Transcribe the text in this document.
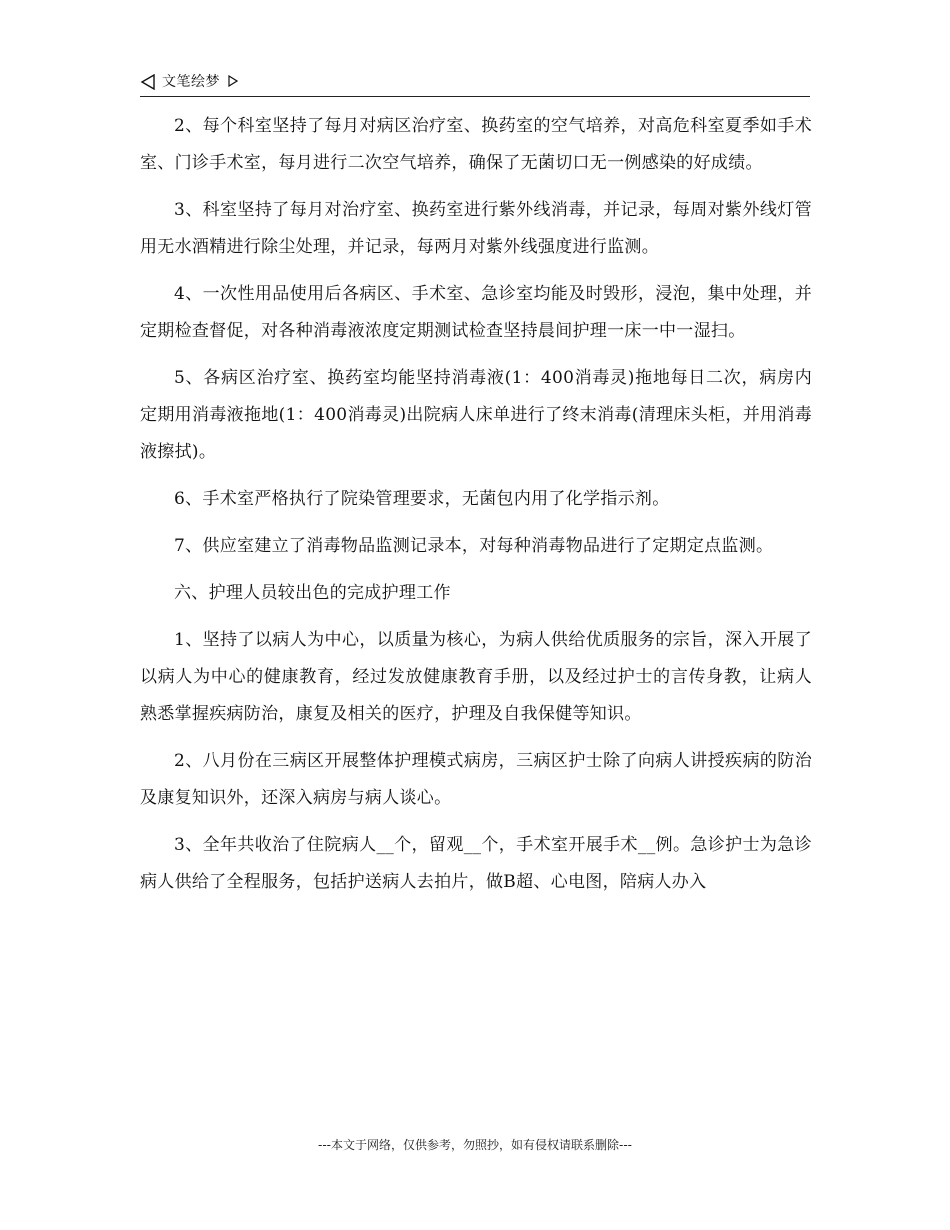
文笔绘梦

2、每个科室坚持了每月对病区治疗室、换药室的空气培养，对高危科室夏季如手术室、门诊手术室，每月进行二次空气培养，确保了无菌切口无一例感染的好成绩。

3、科室坚持了每月对治疗室、换药室进行紫外线消毒，并记录，每周对紫外线灯管用无水酒精进行除尘处理，并记录，每两月对紫外线强度进行监测。

4、一次性用品使用后各病区、手术室、急诊室均能及时毁形，浸泡，集中处理，并定期检查督促，对各种消毒液浓度定期测试检查坚持晨间护理一床一中一湿扫。

5、各病区治疗室、换药室均能坚持消毒液(1：400消毒灵)拖地每日二次，病房内定期用消毒液拖地(1：400消毒灵)出院病人床单进行了终末消毒(清理床头柜，并用消毒液擦拭)。

6、手术室严格执行了院染管理要求，无菌包内用了化学指示剂。

7、供应室建立了消毒物品监测记录本，对每种消毒物品进行了定期定点监测。

六、护理人员较出色的完成护理工作

1、坚持了以病人为中心，以质量为核心，为病人供给优质服务的宗旨，深入开展了以病人为中心的健康教育，经过发放健康教育手册，以及经过护士的言传身教，让病人熟悉掌握疾病防治，康复及相关的医疗，护理及自我保健等知识。

2、八月份在三病区开展整体护理模式病房，三病区护士除了向病人讲授疾病的防治及康复知识外，还深入病房与病人谈心。

3、全年共收治了住院病人__个，留观__个，手术室开展手术__例。急诊护士为急诊病人供给了全程服务，包括护送病人去拍片，做B超、心电图，陪病人办入

---本文于网络，仅供参考，勿照抄，如有侵权请联系删除---
